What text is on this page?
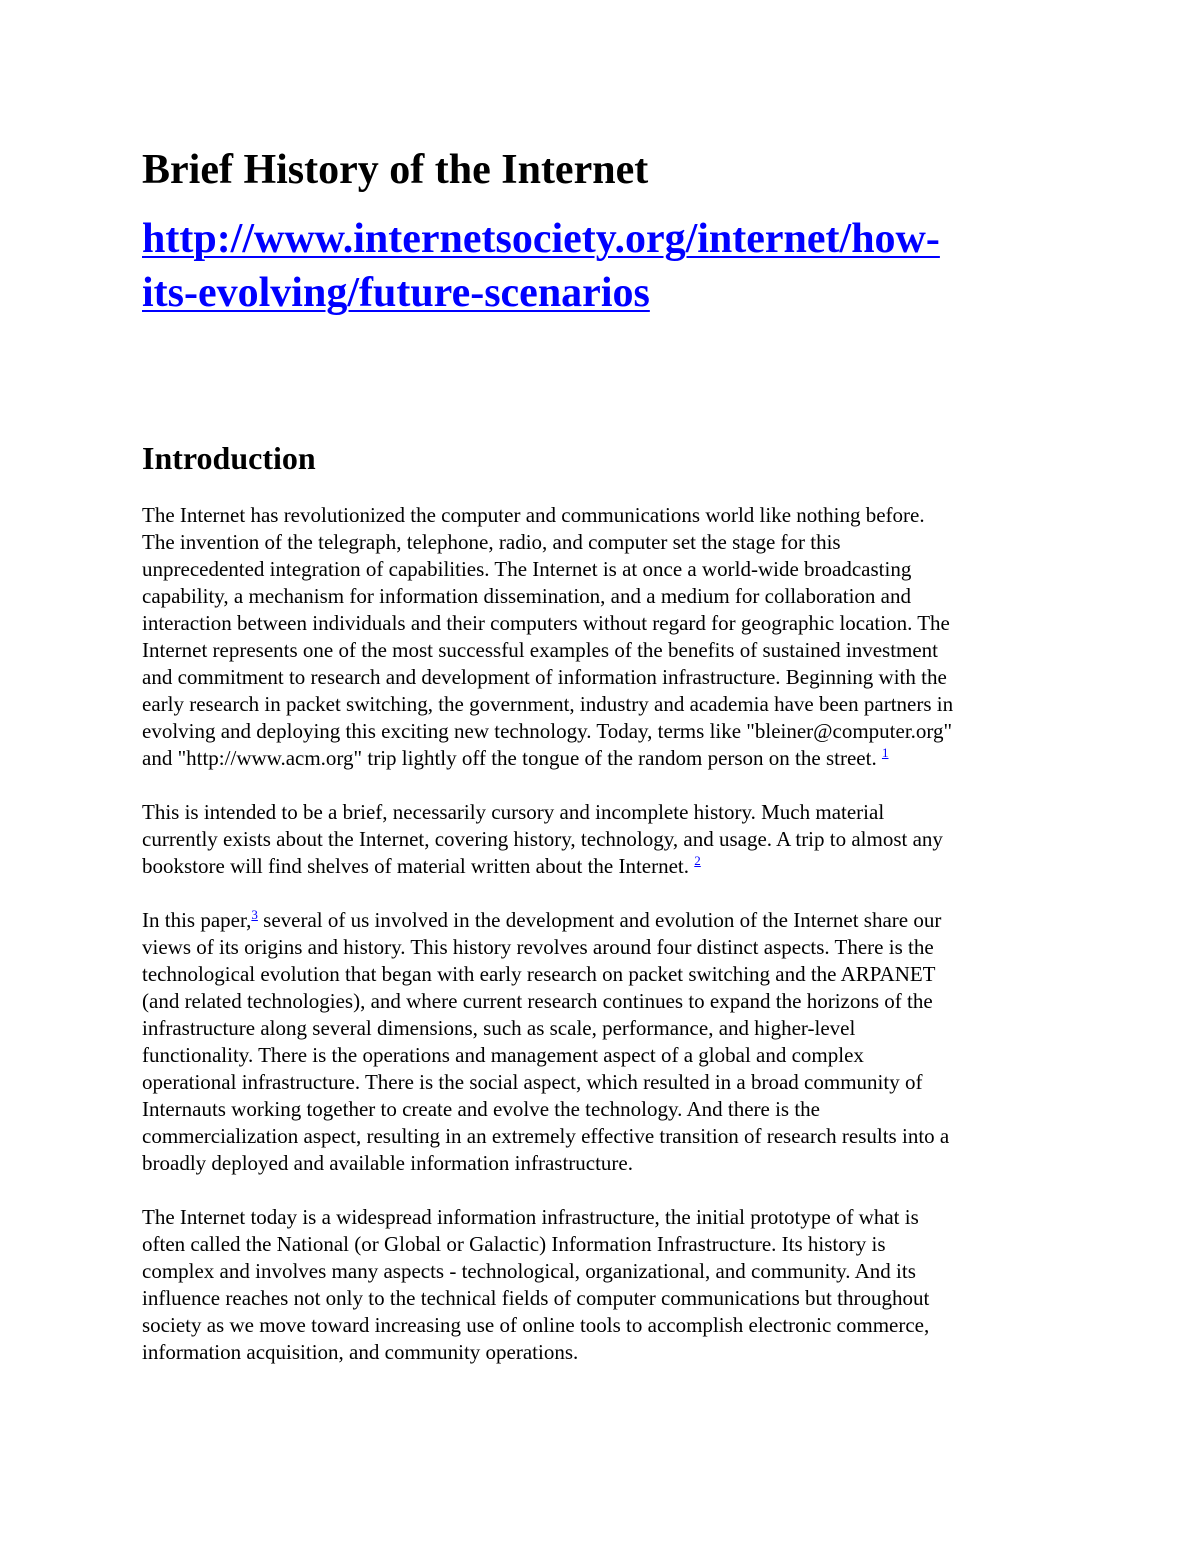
Brief History of the Internet
http://www.internetsociety.org/internet/how-
its-evolving/future-scenarios
Introduction

The Internet has revolutionized the computer and communications world like nothing before.
The invention of the telegraph, telephone, radio, and computer set the stage for this
unprecedented integration of capabilities. The Internet is at once a world-wide broadcasting
capability, a mechanism for information dissemination, and a medium for collaboration and
interaction between individuals and their computers without regard for geographic location. The
Internet represents one of the most successful examples of the benefits of sustained investment
and commitment to research and development of information infrastructure. Beginning with the
early research in packet switching, the government, industry and academia have been partners in
evolving and deploying this exciting new technology. Today, terms like "bleiner@computer.org"
and "http://www.acm.org" trip lightly off the tongue of the random person on the street. $^1$

This is intended to be a brief, necessarily cursory and incomplete history. Much material
currently exists about the Internet, covering history, technology, and usage. A trip to almost any
bookstore will find shelves of material written about the Internet. $^2$

In this paper,$^3$ several of us involved in the development and evolution of the Internet share our
views of its origins and history. This history revolves around four distinct aspects. There is the
technological evolution that began with early research on packet switching and the ARPANET
(and related technologies), and where current research continues to expand the horizons of the
infrastructure along several dimensions, such as scale, performance, and higher-level
functionality. There is the operations and management aspect of a global and complex
operational infrastructure. There is the social aspect, which resulted in a broad community of
Internauts working together to create and evolve the technology. And there is the
commercialization aspect, resulting in an extremely effective transition of research results into a
broadly deployed and available information infrastructure.

The Internet today is a widespread information infrastructure, the initial prototype of what is
often called the National (or Global or Galactic) Information Infrastructure. Its history is
complex and involves many aspects - technological, organizational, and community. And its
influence reaches not only to the technical fields of computer communications but throughout
society as we move toward increasing use of online tools to accomplish electronic commerce,
information acquisition, and community operations.
